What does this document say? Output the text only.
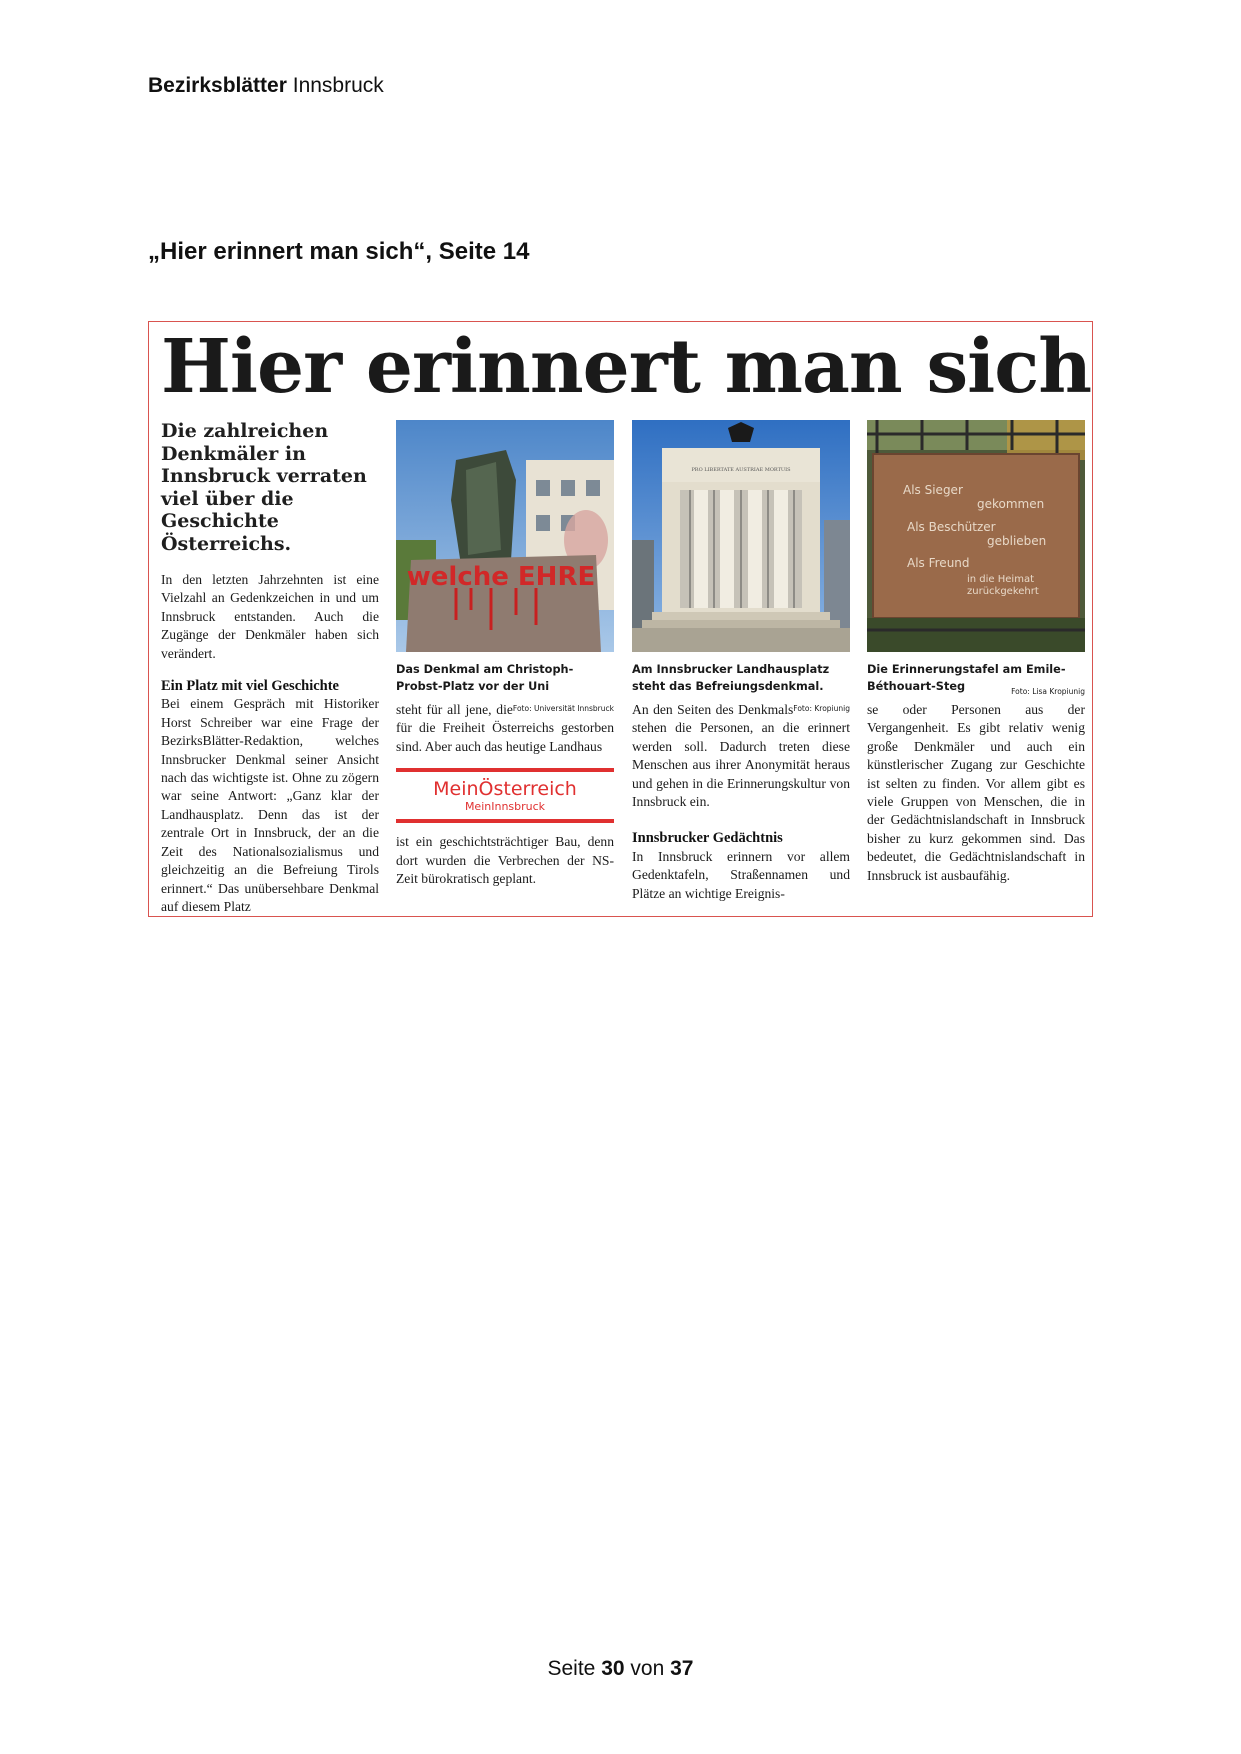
Bezirksblätter Innsbruck
„Hier erinnert man sich“, Seite 14
Hier erinnert man sich

Die zahlreichen Denkmäler in Innsbruck verraten viel über die Geschichte Österreichs.

In den letzten Jahrzehnten ist eine Vielzahl an Gedenkzeichen in und um Innsbruck entstanden. Auch die Zugänge der Denkmäler haben sich verändert.

Ein Platz mit viel Geschichte

Bei einem Gespräch mit Historiker Horst Schreiber war eine Frage der BezirksBlätter-Redaktion, welches Innsbrucker Denkmal seiner Ansicht nach das wichtigste ist. Ohne zu zögern war seine Antwort: „Ganz klar der Landhausplatz. Denn das ist der zentrale Ort in Innsbruck, der an die Zeit des Nationalsozialismus und gleichzeitig an die Befreiung Tirols erinnert.“ Das unübersehbare Denkmal auf diesem Platz

welche EHRE
Das Denkmal am Christoph-Probst-Platz vor der Uni
Foto: Universität Innsbruck

steht für all jene, die für die Freiheit Österreichs gestorben sind. Aber auch das heutige Landhaus

MeinÖsterreich
MeinInnsbruck

ist ein geschichtsträchtiger Bau, denn dort wurden die Verbrechen der NS-Zeit bürokratisch geplant.

PRO LIBERTATE AUSTRIAE MORTUIS
Am Innsbrucker Landhausplatz steht das Befreiungsdenkmal.
Foto: Kropiunig

An den Seiten des Denkmals stehen die Personen, an die erinnert werden soll. Dadurch treten diese Menschen aus ihrer Anonymität heraus und gehen in die Erinnerungskultur von Innsbruck ein.

Innsbrucker Gedächtnis

In Innsbruck erinnern vor allem Gedenktafeln, Straßennamen und Plätze an wichtige Ereignis-

Als Sieger
gekommen
Als Beschützer
geblieben
Als Freund
in die Heimat
zurückgekehrt
Die Erinnerungstafel am Emile-Béthouart-Steg	Foto: Lisa Kropiunig

se oder Personen aus der Vergangenheit. Es gibt relativ wenig große Denkmäler und auch ein künstlerischer Zugang zur Geschichte ist selten zu finden. Vor allem gibt es viele Gruppen von Menschen, die in der Gedächtnislandschaft in Innsbruck bisher zu kurz gekommen sind. Das bedeutet, die Gedächtnislandschaft in Innsbruck ist ausbaufähig.

Seite 30 von 37
